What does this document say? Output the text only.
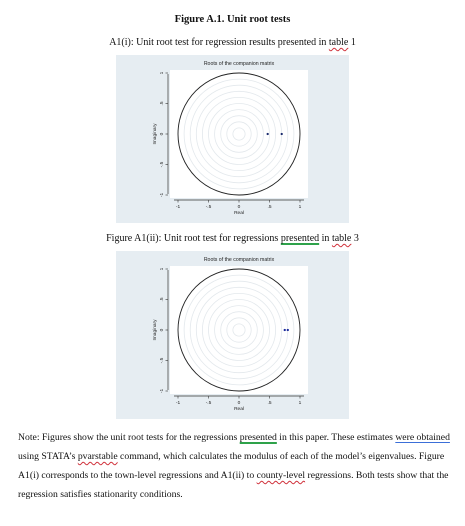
Figure A.1. Unit root tests
A1(i): Unit root test for regression results presented in table 1
Roots of the companion matrix
-1	-.5	0	.5	1
Real
-1
-.5
0
.5
1
Imaginary
Figure A1(ii): Unit root test for regressions presented in table 3
Roots of the companion matrix
-1	-.5	0	.5	1
Real
-1
-.5
0
.5
1
Imaginary

Note: Figures show the unit root tests for the regressions presented in this paper. These estimates were obtained using STATA’s pvarstable command, which calculates the modulus of each of the model’s eigenvalues. Figure A1(i) corresponds to the town-level regressions and A1(ii) to county-level regressions. Both tests show that the regression satisfies stationarity conditions.
